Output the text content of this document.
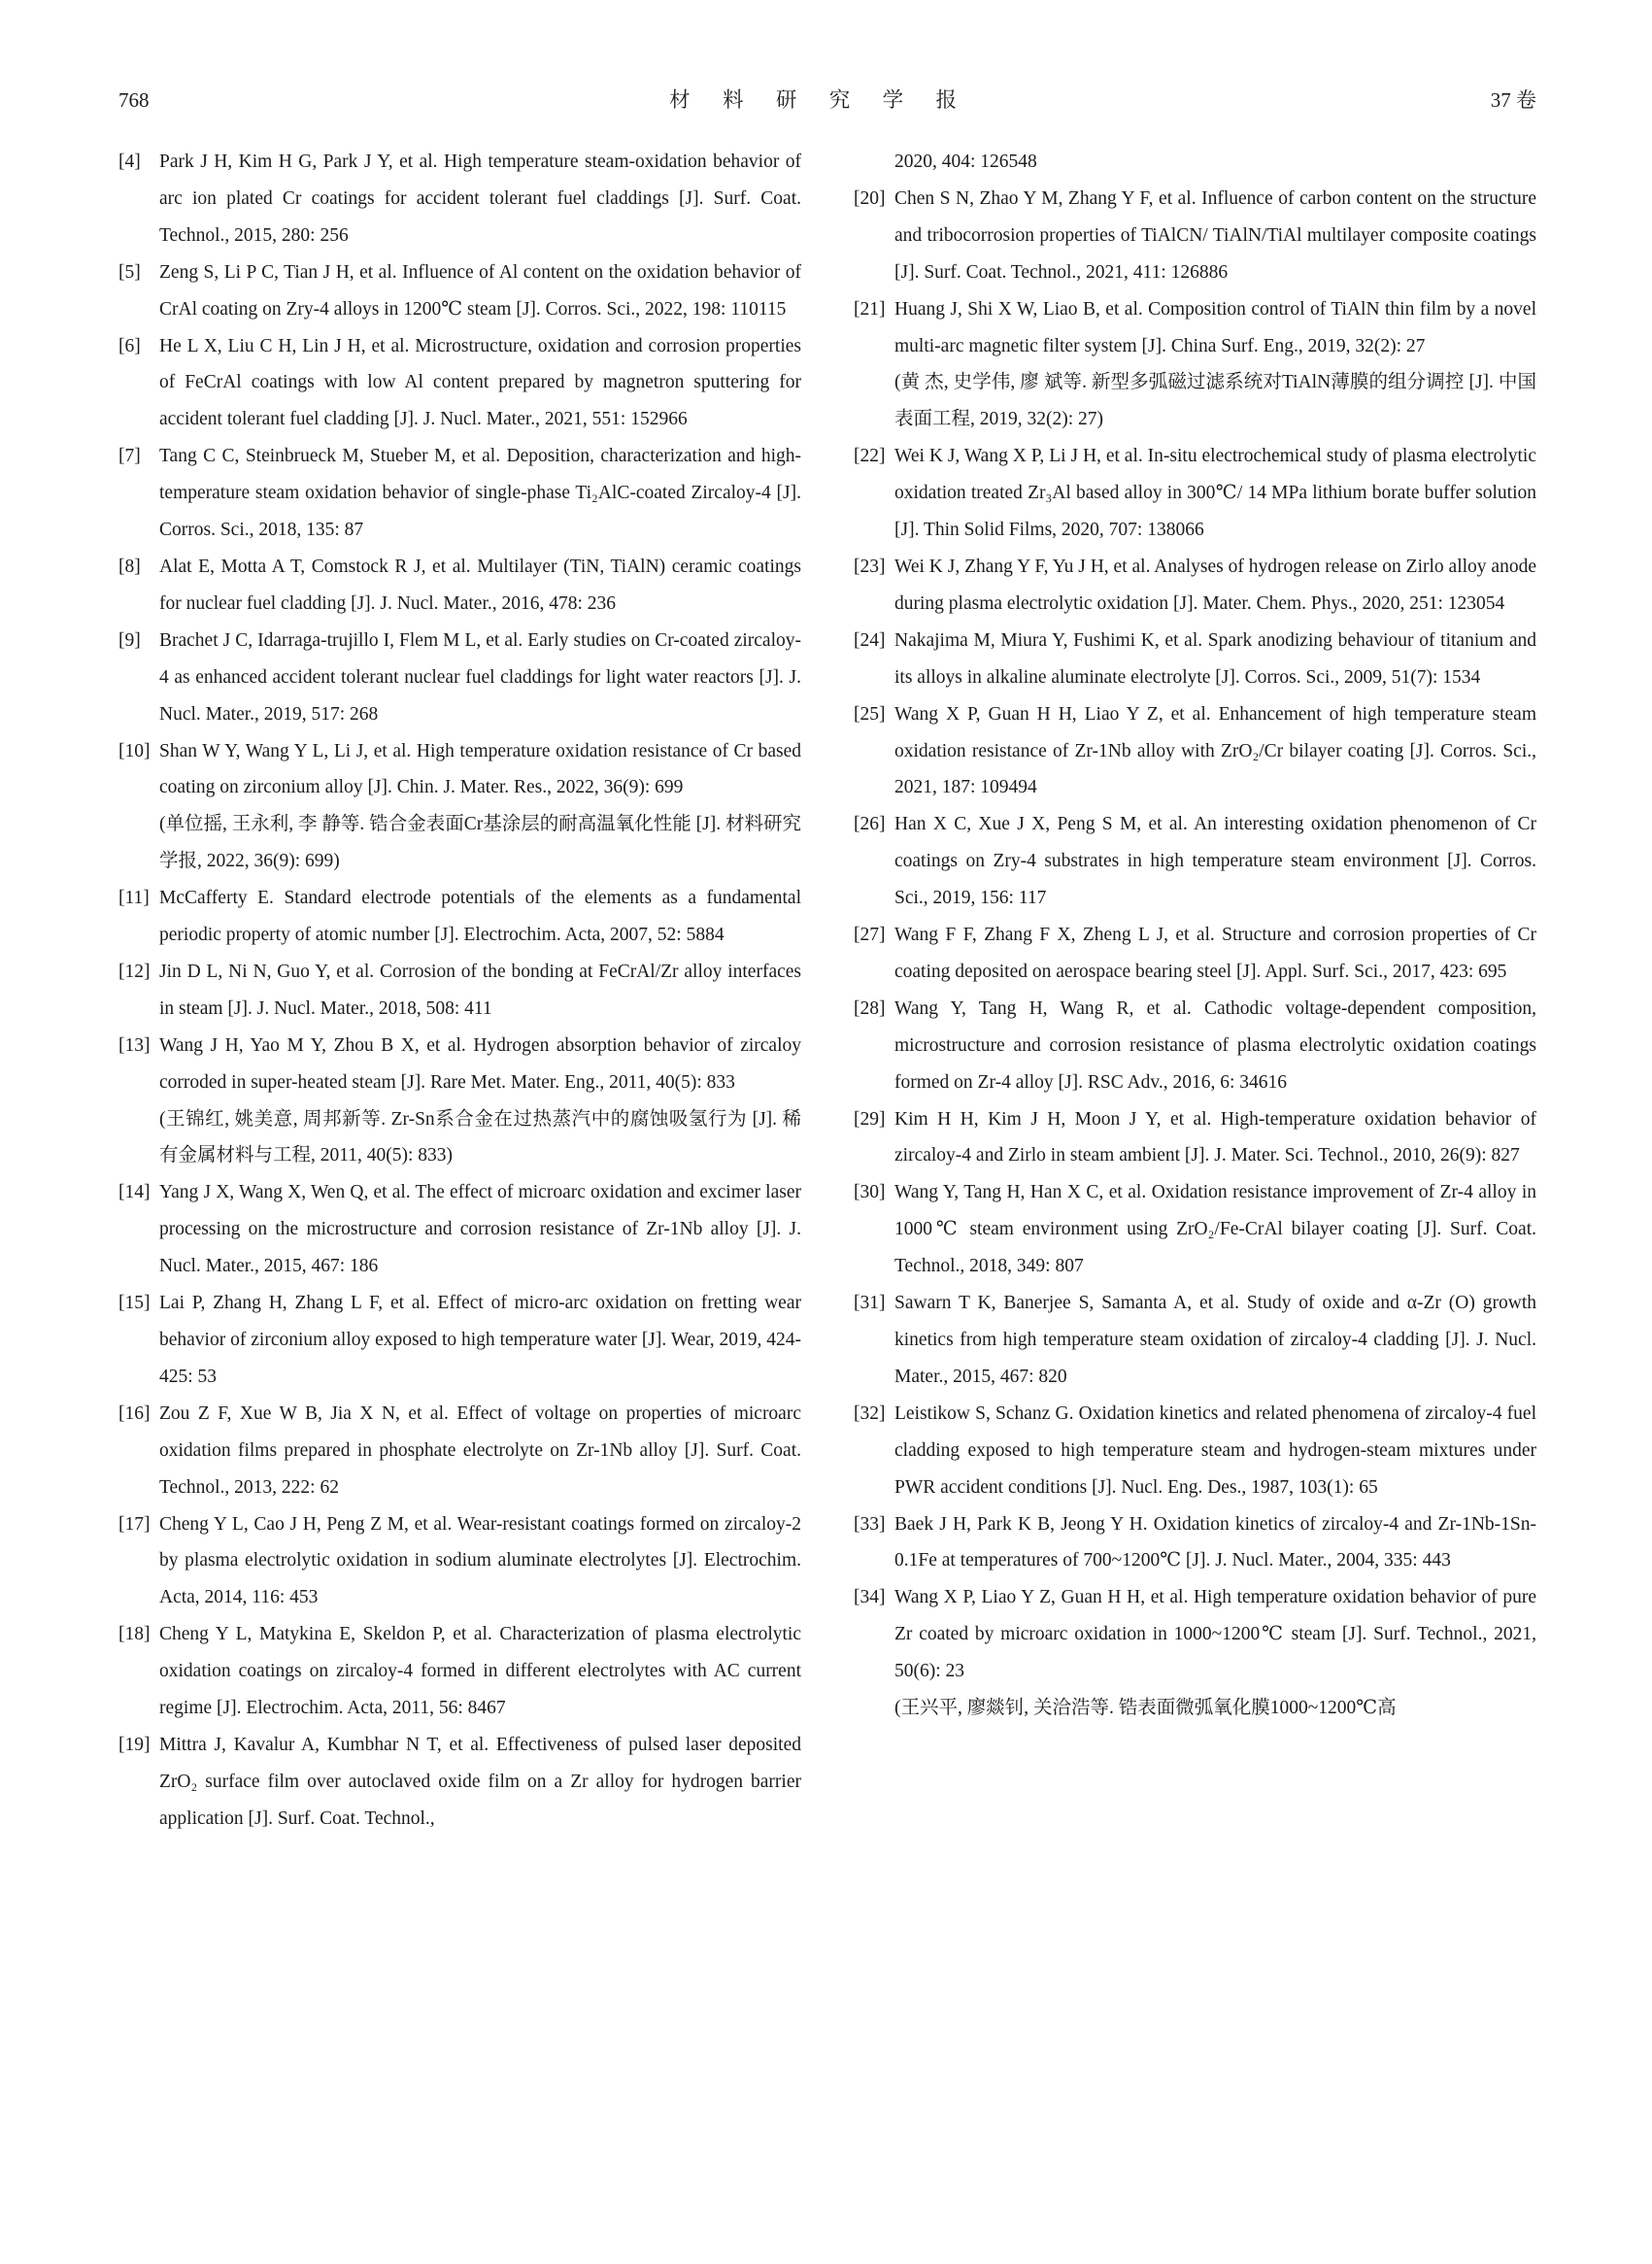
768	材 料 研 究 学 报	37 卷
[4] Park J H, Kim H G, Park J Y, et al. High temperature steam-oxidation behavior of arc ion plated Cr coatings for accident tolerant fuel claddings [J]. Surf. Coat. Technol., 2015, 280: 256
[5] Zeng S, Li P C, Tian J H, et al. Influence of Al content on the oxidation behavior of CrAl coating on Zry-4 alloys in 1200℃ steam [J]. Corros. Sci., 2022, 198: 110115
[6] He L X, Liu C H, Lin J H, et al. Microstructure, oxidation and corrosion properties of FeCrAl coatings with low Al content prepared by magnetron sputtering for accident tolerant fuel cladding [J]. J. Nucl. Mater., 2021, 551: 152966
[7] Tang C C, Steinbrueck M, Stueber M, et al. Deposition, characterization and high-temperature steam oxidation behavior of single-phase Ti₂AlC-coated Zircaloy-4 [J]. Corros. Sci., 2018, 135: 87
[8] Alat E, Motta A T, Comstock R J, et al. Multilayer (TiN, TiAlN) ceramic coatings for nuclear fuel cladding [J]. J. Nucl. Mater., 2016, 478: 236
[9] Brachet J C, Idarraga-trujillo I, Flem M L, et al. Early studies on Cr-coated zircaloy-4 as enhanced accident tolerant nuclear fuel claddings for light water reactors [J]. J. Nucl. Mater., 2019, 517: 268
[10] Shan W Y, Wang Y L, Li J, et al. High temperature oxidation resistance of Cr based coating on zirconium alloy [J]. Chin. J. Mater. Res., 2022, 36(9): 699
(单位摇, 王永利, 李 静等. 锆合金表面Cr基涂层的耐高温氧化性能 [J]. 材料研究学报, 2022, 36(9): 699)
[11] McCafferty E. Standard electrode potentials of the elements as a fundamental periodic property of atomic number [J]. Electrochim. Acta, 2007, 52: 5884
[12] Jin D L, Ni N, Guo Y, et al. Corrosion of the bonding at FeCrAl/Zr alloy interfaces in steam [J]. J. Nucl. Mater., 2018, 508: 411
[13] Wang J H, Yao M Y, Zhou B X, et al. Hydrogen absorption behavior of zircaloy corroded in super-heated steam [J]. Rare Met. Mater. Eng., 2011, 40(5): 833
(王锦红, 姚美意, 周邦新等. Zr-Sn系合金在过热蒸汽中的腐蚀吸氢行为 [J]. 稀有金属材料与工程, 2011, 40(5): 833)
[14] Yang J X, Wang X, Wen Q, et al. The effect of microarc oxidation and excimer laser processing on the microstructure and corrosion resistance of Zr-1Nb alloy [J]. J. Nucl. Mater., 2015, 467: 186
[15] Lai P, Zhang H, Zhang L F, et al. Effect of micro-arc oxidation on fretting wear behavior of zirconium alloy exposed to high temperature water [J]. Wear, 2019, 424-425: 53
[16] Zou Z F, Xue W B, Jia X N, et al. Effect of voltage on properties of microarc oxidation films prepared in phosphate electrolyte on Zr-1Nb alloy [J]. Surf. Coat. Technol., 2013, 222: 62
[17] Cheng Y L, Cao J H, Peng Z M, et al. Wear-resistant coatings formed on zircaloy-2 by plasma electrolytic oxidation in sodium aluminate electrolytes [J]. Electrochim. Acta, 2014, 116: 453
[18] Cheng Y L, Matykina E, Skeldon P, et al. Characterization of plasma electrolytic oxidation coatings on zircaloy-4 formed in different electrolytes with AC current regime [J]. Electrochim. Acta, 2011, 56: 8467
[19] Mittra J, Kavalur A, Kumbhar N T, et al. Effectiveness of pulsed laser deposited ZrO₂ surface film over autoclaved oxide film on a Zr alloy for hydrogen barrier application [J]. Surf. Coat. Technol.,
2020, 404: 126548
[20] Chen S N, Zhao Y M, Zhang Y F, et al. Influence of carbon content on the structure and tribocorrosion properties of TiAlCN/ TiAlN/TiAl multilayer composite coatings [J]. Surf. Coat. Technol., 2021, 411: 126886
[21] Huang J, Shi X W, Liao B, et al. Composition control of TiAlN thin film by a novel multi-arc magnetic filter system [J]. China Surf. Eng., 2019, 32(2): 27
(黄 杰, 史学伟, 廖 斌等. 新型多弧磁过滤系统对TiAlN薄膜的组分调控 [J]. 中国表面工程, 2019, 32(2): 27)
[22] Wei K J, Wang X P, Li J H, et al. In-situ electrochemical study of plasma electrolytic oxidation treated Zr₃Al based alloy in 300℃/ 14 MPa lithium borate buffer solution [J]. Thin Solid Films, 2020, 707: 138066
[23] Wei K J, Zhang Y F, Yu J H, et al. Analyses of hydrogen release on Zirlo alloy anode during plasma electrolytic oxidation [J]. Mater. Chem. Phys., 2020, 251: 123054
[24] Nakajima M, Miura Y, Fushimi K, et al. Spark anodizing behaviour of titanium and its alloys in alkaline aluminate electrolyte [J]. Corros. Sci., 2009, 51(7): 1534
[25] Wang X P, Guan H H, Liao Y Z, et al. Enhancement of high temperature steam oxidation resistance of Zr-1Nb alloy with ZrO₂/Cr bilayer coating [J]. Corros. Sci., 2021, 187: 109494
[26] Han X C, Xue J X, Peng S M, et al. An interesting oxidation phenomenon of Cr coatings on Zry-4 substrates in high temperature steam environment [J]. Corros. Sci., 2019, 156: 117
[27] Wang F F, Zhang F X, Zheng L J, et al. Structure and corrosion properties of Cr coating deposited on aerospace bearing steel [J]. Appl. Surf. Sci., 2017, 423: 695
[28] Wang Y, Tang H, Wang R, et al. Cathodic voltage-dependent composition, microstructure and corrosion resistance of plasma electrolytic oxidation coatings formed on Zr-4 alloy [J]. RSC Adv., 2016, 6: 34616
[29] Kim H H, Kim J H, Moon J Y, et al. High-temperature oxidation behavior of zircaloy-4 and Zirlo in steam ambient [J]. J. Mater. Sci. Technol., 2010, 26(9): 827
[30] Wang Y, Tang H, Han X C, et al. Oxidation resistance improvement of Zr-4 alloy in 1000℃ steam environment using ZrO₂/Fe-CrAl bilayer coating [J]. Surf. Coat. Technol., 2018, 349: 807
[31] Sawarn T K, Banerjee S, Samanta A, et al. Study of oxide and α-Zr (O) growth kinetics from high temperature steam oxidation of zircaloy-4 cladding [J]. J. Nucl. Mater., 2015, 467: 820
[32] Leistikow S, Schanz G. Oxidation kinetics and related phenomena of zircaloy-4 fuel cladding exposed to high temperature steam and hydrogen-steam mixtures under PWR accident conditions [J]. Nucl. Eng. Des., 1987, 103(1): 65
[33] Baek J H, Park K B, Jeong Y H. Oxidation kinetics of zircaloy-4 and Zr-1Nb-1Sn-0.1Fe at temperatures of 700~1200℃ [J]. J. Nucl. Mater., 2004, 335: 443
[34] Wang X P, Liao Y Z, Guan H H, et al. High temperature oxidation behavior of pure Zr coated by microarc oxidation in 1000~1200℃ steam [J]. Surf. Technol., 2021, 50(6): 23
(王兴平, 廖燚钊, 关洽浩等. 锆表面微弧氧化膜1000~1200℃高
